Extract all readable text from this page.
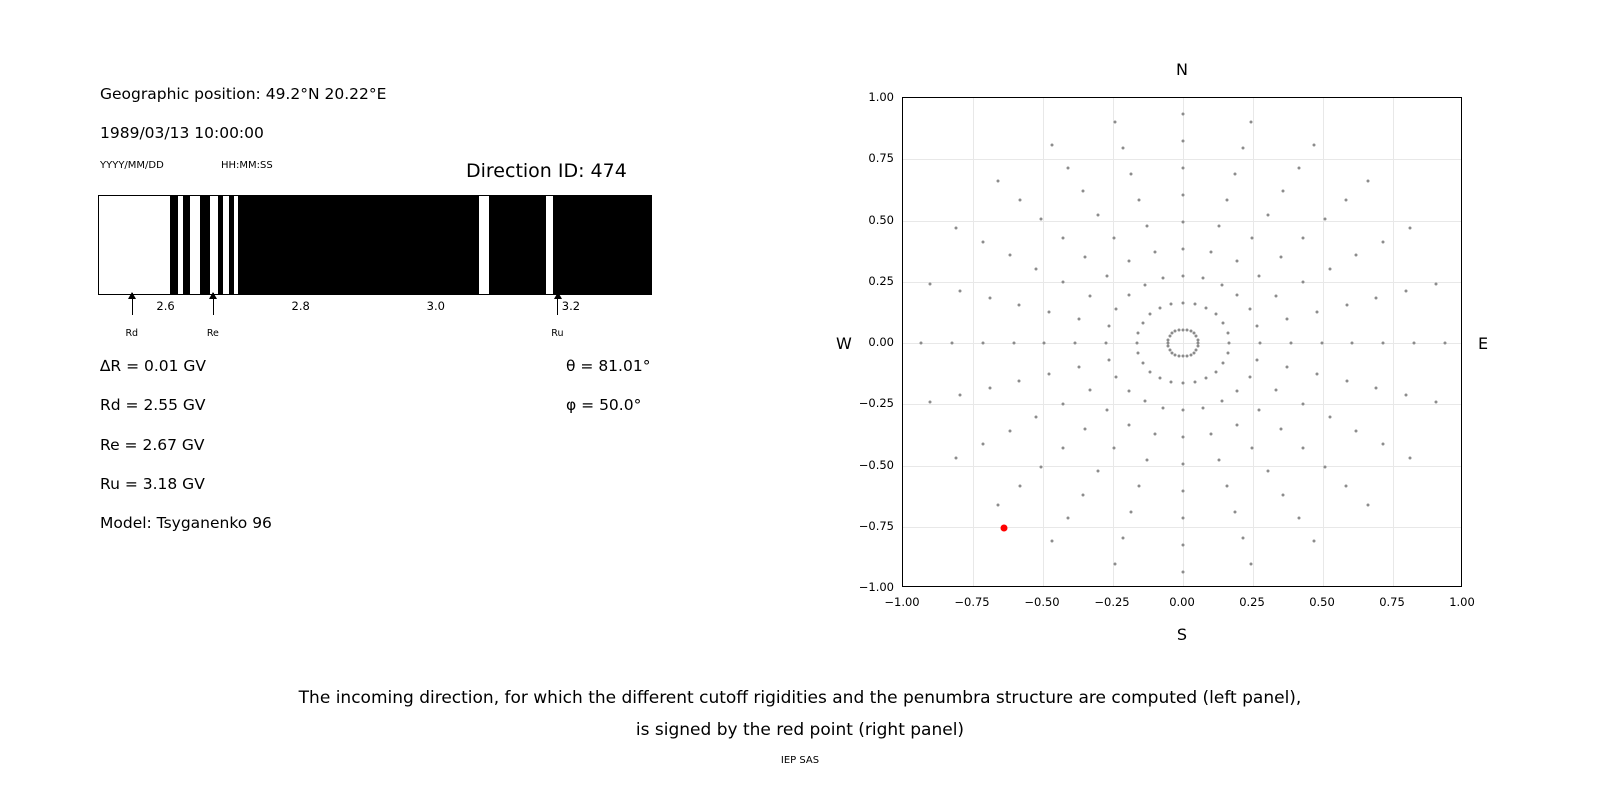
Geographic position: 49.2°N 20.22°E
1989/03/13 10:00:00
YYYY/MM/DD	HH:MM:SS	Direction ID: 474
2.6	2.8	3.0	3.2
Rd	Re	Ru
∆R = 0.01 GV
Rd = 2.55 GV
Re = 2.67 GV
Ru = 3.18 GV
Model: Tsyganenko 96
θ = 81.01°
φ = 50.0°
N
S
W	E
−1.00	−0.75	−0.50	−0.25	0.00	0.25	0.50	0.75	1.00
−1.00
−0.75
−0.50
−0.25
0.00
0.25
0.50
0.75
1.00
The incoming direction, for which the different cutoff rigidities and the penumbra structure are computed (left panel),
is signed by the red point (right panel)
IEP SAS
